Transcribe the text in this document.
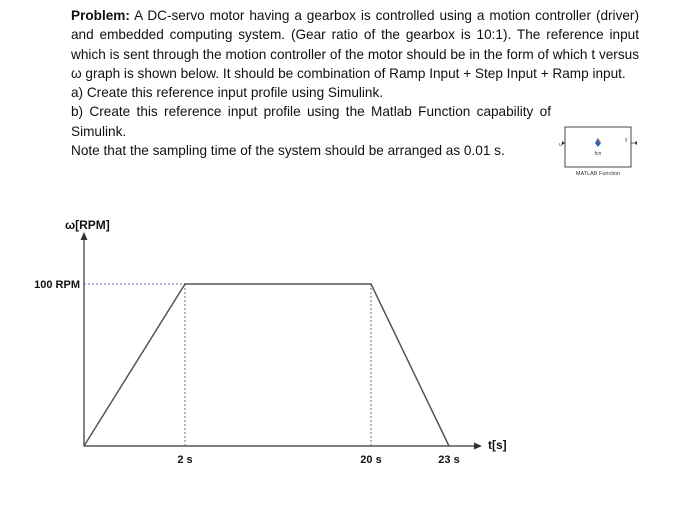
Problem: A DC-servo motor having a gearbox is controlled using a motion controller (driver) and embedded computing system. (Gear ratio of the gearbox is 10:1). The reference input which is sent through the motion controller of the motor should be in the form of which t versus ω graph is shown below. It should be combination of Ramp Input + Step Input + Ramp input.

a) Create this reference input profile using Simulink.

b) Create this reference input profile using the Matlab Function capability of Simulink.

Note that the sampling time of the system should be arranged as 0.01 s.	u
y
fcn
MATLAB Function
ω[RPM]
t[s]
2 s	20 s	23 s
100 RPM
